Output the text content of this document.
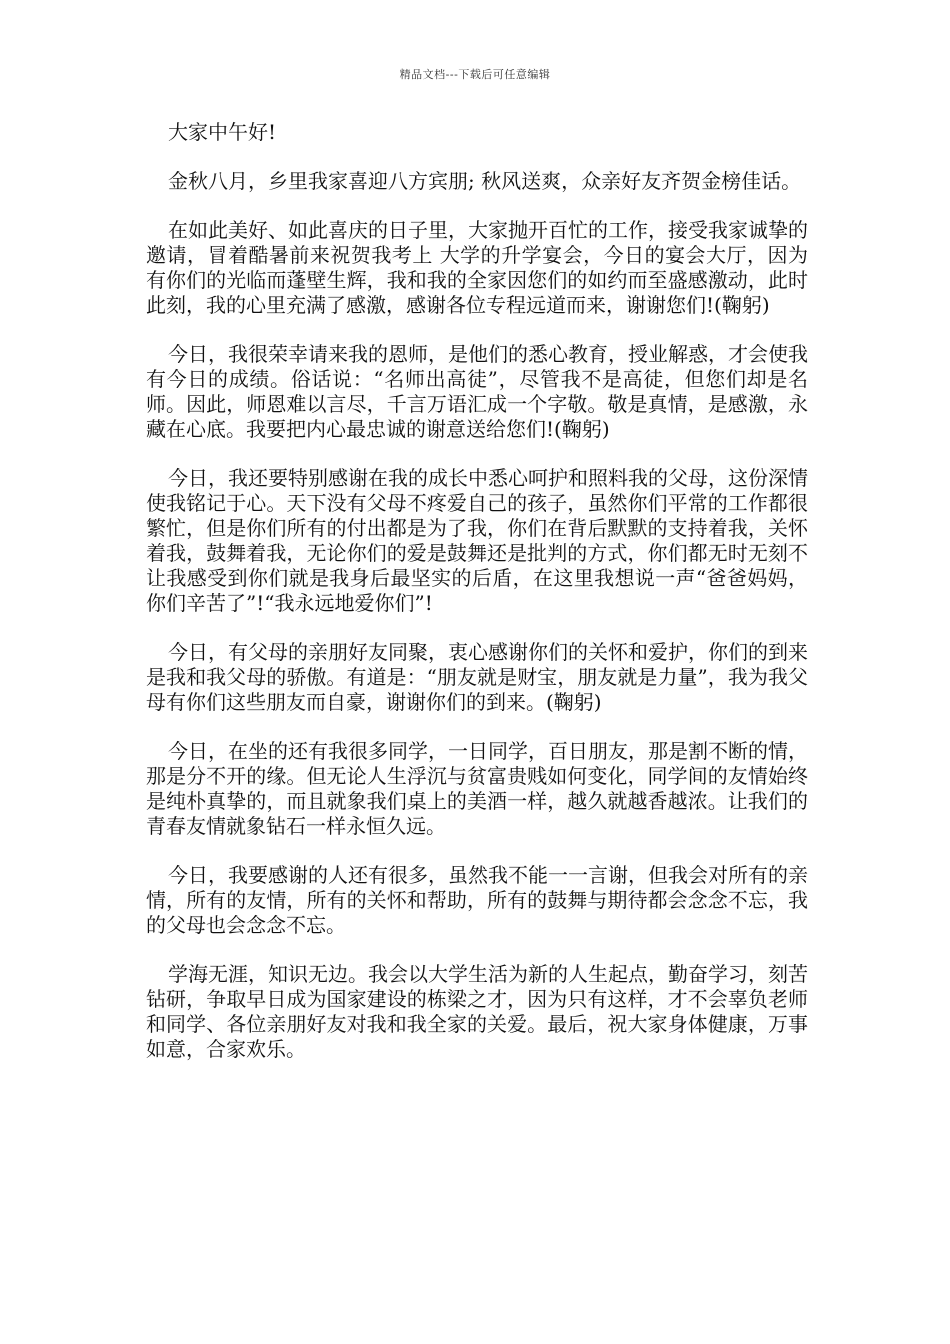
精品文档---下载后可任意编辑

大家中午好!

金秋八月，乡里我家喜迎八方宾朋; 秋风送爽，众亲好友齐贺金榜佳话。

在如此美好、如此喜庆的日子里，大家抛开百忙的工作，接受我家诚挚的邀请，冒着酷暑前来祝贺我考上 大学的升学宴会，今日的宴会大厅，因为有你们的光临而蓬壁生辉，我和我的全家因您们的如约而至盛感激动，此时此刻，我的心里充满了感激，感谢各位专程远道而来，谢谢您们!(鞠躬)

今日，我很荣幸请来我的恩师，是他们的悉心教育，授业解惑，才会使我有今日的成绩。俗话说：“名师出高徒”，尽管我不是高徒，但您们却是名师。因此，师恩难以言尽，千言万语汇成一个字敬。敬是真情，是感激，永藏在心底。我要把内心最忠诚的谢意送给您们!(鞠躬)

今日，我还要特别感谢在我的成长中悉心呵护和照料我的父母，这份深情使我铭记于心。天下没有父母不疼爱自己的孩子，虽然你们平常的工作都很繁忙，但是你们所有的付出都是为了我，你们在背后默默的支持着我，关怀着我，鼓舞着我，无论你们的爱是鼓舞还是批判的方式，你们都无时无刻不让我感受到你们就是我身后最坚实的后盾，在这里我想说一声“爸爸妈妈，你们辛苦了”!“我永远地爱你们”!

今日，有父母的亲朋好友同聚，衷心感谢你们的关怀和爱护，你们的到来是我和我父母的骄傲。有道是：“朋友就是财宝，朋友就是力量”，我为我父母有你们这些朋友而自豪，谢谢你们的到来。(鞠躬)

今日，在坐的还有我很多同学，一日同学，百日朋友，那是割不断的情，那是分不开的缘。但无论人生浮沉与贫富贵贱如何变化，同学间的友情始终是纯朴真挚的，而且就象我们桌上的美酒一样，越久就越香越浓。让我们的青春友情就象钻石一样永恒久远。

今日，我要感谢的人还有很多，虽然我不能一一言谢，但我会对所有的亲情，所有的友情，所有的关怀和帮助，所有的鼓舞与期待都会念念不忘，我的父母也会念念不忘。

学海无涯，知识无边。我会以大学生活为新的人生起点，勤奋学习，刻苦钻研，争取早日成为国家建设的栋梁之才，因为只有这样，才不会辜负老师和同学、各位亲朋好友对我和我全家的关爱。最后，祝大家身体健康，万事如意，合家欢乐。
